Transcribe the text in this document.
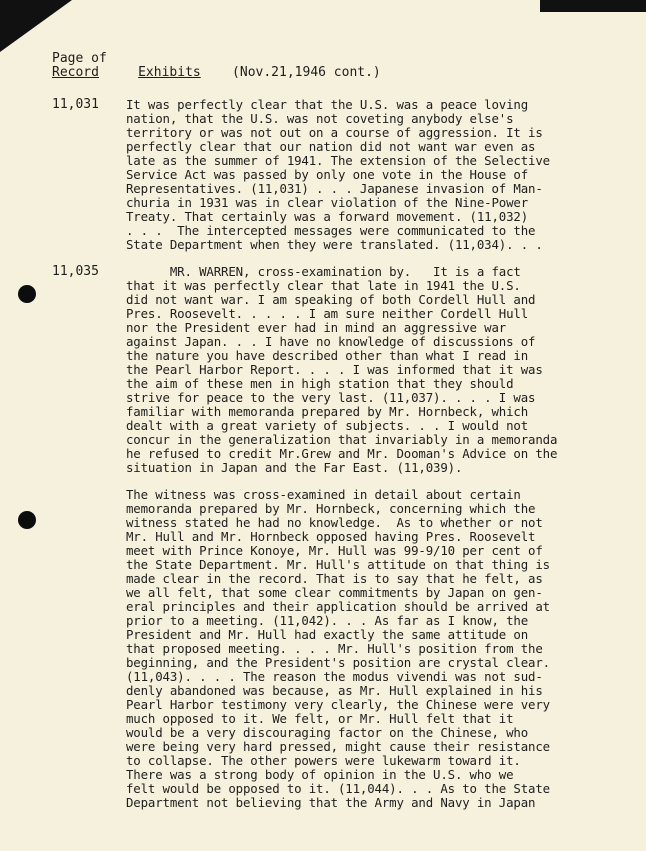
Page of
Record	Exhibits (Nov.21,1946 cont.)
11,031 It was perfectly clear that the U.S. was a peace loving
nation, that the U.S. was not coveting anybody else's
territory or was not out on a course of aggression. It is
perfectly clear that our nation did not want war even as
late as the summer of 1941. The extension of the Selective
Service Act was passed by only one vote in the House of
Representatives. (11,031) . . . Japanese invasion of Man-
churia in 1931 was in clear violation of the Nine-Power
Treaty. That certainly was a forward movement. (11,032)
. . .  The intercepted messages were communicated to the
State Department when they were translated. (11,034). . .
11,035 MR. WARREN, cross-examination by.   It is a fact
that it was perfectly clear that late in 1941 the U.S.
did not want war. I am speaking of both Cordell Hull and
Pres. Roosevelt. . . . . I am sure neither Cordell Hull
nor the President ever had in mind an aggressive war
against Japan. . . I have no knowledge of discussions of
the nature you have described other than what I read in
the Pearl Harbor Report. . . . I was informed that it was
the aim of these men in high station that they should
strive for peace to the very last. (11,037). . . . I was
familiar with memoranda prepared by Mr. Hornbeck, which
dealt with a great variety of subjects. . . I would not
concur in the generalization that invariably in a memoranda
he refused to credit Mr.Grew and Mr. Dooman's Advice on the
situation in Japan and the Far East. (11,039).
The witness was cross-examined in detail about certain
memoranda prepared by Mr. Hornbeck, concerning which the
witness stated he had no knowledge.  As to whether or not
Mr. Hull and Mr. Hornbeck opposed having Pres. Roosevelt
meet with Prince Konoye, Mr. Hull was 99-9/10 per cent of
the State Department. Mr. Hull's attitude on that thing is
made clear in the record. That is to say that he felt, as
we all felt, that some clear commitments by Japan on gen-
eral principles and their application should be arrived at
prior to a meeting. (11,042). . . As far as I know, the
President and Mr. Hull had exactly the same attitude on
that proposed meeting. . . . Mr. Hull's position from the
beginning, and the President's position are crystal clear.
(11,043). . . . The reason the modus vivendi was not sud-
denly abandoned was because, as Mr. Hull explained in his
Pearl Harbor testimony very clearly, the Chinese were very
much opposed to it. We felt, or Mr. Hull felt that it
would be a very discouraging factor on the Chinese, who
were being very hard pressed, might cause their resistance
to collapse. The other powers were lukewarm toward it.
There was a strong body of opinion in the U.S. who we
felt would be opposed to it. (11,044). . . As to the State
Department not believing that the Army and Navy in Japan
